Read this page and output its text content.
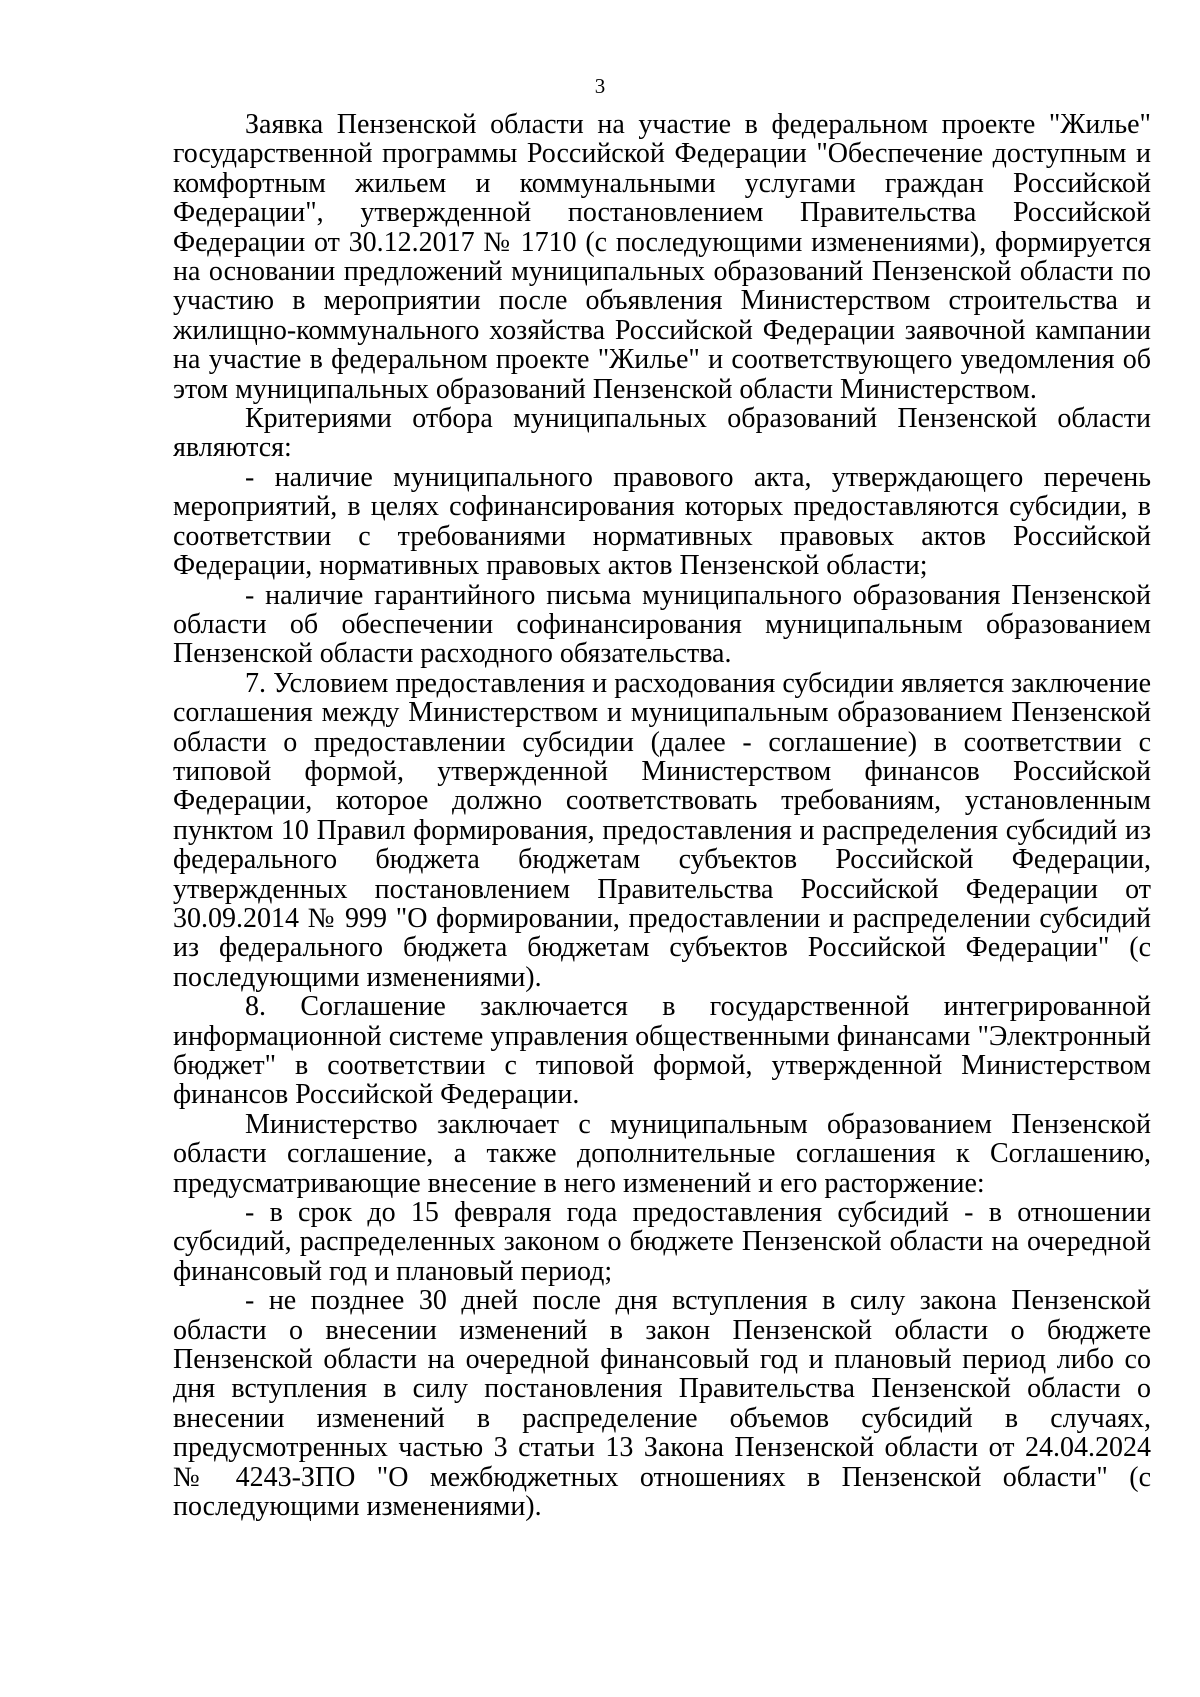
3

Заявка Пензенской области на участие в федеральном проекте "Жилье" государственной программы Российской Федерации "Обеспечение доступным и комфортным жильем и коммунальными услугами граждан Российской Федерации", утвержденной постановлением Правительства Российской Федерации от 30.12.2017 № 1710 (с последующими изменениями), формируется на основании предложений муниципальных образований Пензенской области по участию в мероприятии после объявления Министерством строительства и жилищно-коммунального хозяйства Российской Федерации заявочной кампании на участие в федеральном проекте "Жилье" и соответствующего уведомления об этом муниципальных образований Пензенской области Министерством.

Критериями отбора муниципальных образований Пензенской области являются:

- наличие муниципального правового акта, утверждающего перечень мероприятий, в целях софинансирования которых предоставляются субсидии, в соответствии с требованиями нормативных правовых актов Российской Федерации, нормативных правовых актов Пензенской области;

- наличие гарантийного письма муниципального образования Пензенской области об обеспечении софинансирования муниципальным образованием Пензенской области расходного обязательства.

7. Условием предоставления и расходования субсидии является заключение соглашения между Министерством и муниципальным образованием Пензенской области о предоставлении субсидии (далее - соглашение) в соответствии с типовой формой, утвержденной Министерством финансов Российской Федерации, которое должно соответствовать требованиям, установленным пунктом 10 Правил формирования, предоставления и распределения субсидий из федерального бюджета бюджетам субъектов Российской Федерации, утвержденных постановлением Правительства Российской Федерации от 30.09.2014 № 999 "О формировании, предоставлении и распределении субсидий из федерального бюджета бюджетам субъектов Российской Федерации" (с последующими изменениями).

8. Соглашение заключается в государственной интегрированной информационной системе управления общественными финансами "Электронный бюджет" в соответствии с типовой формой, утвержденной Министерством финансов Российской Федерации.

Министерство заключает с муниципальным образованием Пензенской области соглашение, а также дополнительные соглашения к Соглашению, предусматривающие внесение в него изменений и его расторжение:

- в срок до 15 февраля года предоставления субсидий - в отношении субсидий, распределенных законом о бюджете Пензенской области на очередной финансовый год и плановый период;

- не позднее 30 дней после дня вступления в силу закона Пензенской области о внесении изменений в закон Пензенской области о бюджете Пензенской области на очередной финансовый год и плановый период либо со дня вступления в силу постановления Правительства Пензенской области о внесении изменений в распределение объемов субсидий в случаях, предусмотренных частью 3 статьи 13 Закона Пензенской области от 24.04.2024 № 4243-ЗПО "О межбюджетных отношениях в Пензенской области" (с последующими изменениями).
